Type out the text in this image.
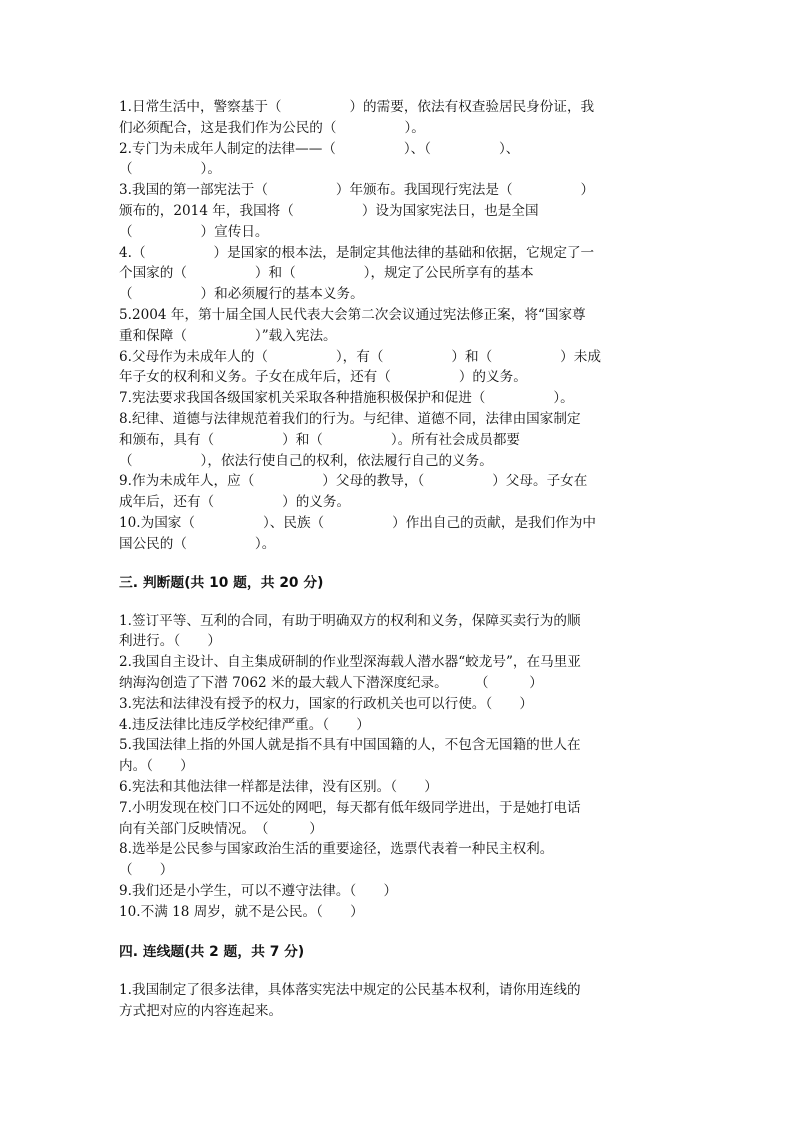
1.日常生活中，警察基于（　　　　　）的需要，依法有权查验居民身份证，我
们必须配合，这是我们作为公民的（　　　　　）。

2.专门为未成年人制定的法律——（　　　　　）、（　　　　　）、
（　　　　　）。

3.我国的第一部宪法于（　　　　　）年颁布。我国现行宪法是（　　　　　）
颁布的，2014 年，我国将（　　　　　）设为国家宪法日，也是全国
（　　　　　）宣传日。

4.（　　　　　）是国家的根本法，是制定其他法律的基础和依据，它规定了一
个国家的（　　　　　）和（　　　　　），规定了公民所享有的基本
（　　　　　）和必须履行的基本义务。

5.2004 年，第十届全国人民代表大会第二次会议通过宪法修正案，将“国家尊
重和保障（　　　　　）”载入宪法。

6.父母作为未成年人的（　　　　　），有（　　　　　）和（　　　　　）未成
年子女的权利和义务。子女在成年后，还有（　　　　　）的义务。

7.宪法要求我国各级国家机关采取各种措施积极保护和促进（　　　　　）。

8.纪律、道德与法律规范着我们的行为。与纪律、道德不同，法律由国家制定
和颁布，具有（　　　　　）和（　　　　　）。所有社会成员都要
（　　　　　），依法行使自己的权利，依法履行自己的义务。

9.作为未成年人，应（　　　　　）父母的教导，（　　　　　）父母。子女在
成年后，还有（　　　　　）的义务。

10.为国家（　　　　　）、民族（　　　　　）作出自己的贡献，是我们作为中
国公民的（　　　　　）。

三. 判断题(共 10 题，共 20 分)

1.签订平等、互利的合同，有助于明确双方的权利和义务，保障买卖行为的顺
利进行。（　　）

2.我国自主设计、自主集成研制的作业型深海载人潜水器“蛟龙号”，在马里亚
纳海沟创造了下潜 7062 米的最大载人下潜深度纪录。　　　（　　　）

3.宪法和法律没有授予的权力，国家的行政机关也可以行使。（　　）

4.违反法律比违反学校纪律严重。（　　）

5.我国法律上指的外国人就是指不具有中国国籍的人，不包含无国籍的世人在
内。（　　）

6.宪法和其他法律一样都是法律，没有区别。（　　）

7.小明发现在校门口不远处的网吧，每天都有低年级同学进出，于是她打电话
向有关部门反映情况。　（　　　）

8.选举是公民参与国家政治生活的重要途径，选票代表着一种民主权利。
（　　）

9.我们还是小学生，可以不遵守法律。（　　）

10.不满 18 周岁，就不是公民。（　　）

四. 连线题(共 2 题，共 7 分)

1.我国制定了很多法律，具体落实宪法中规定的公民基本权利，请你用连线的
方式把对应的内容连起来。
